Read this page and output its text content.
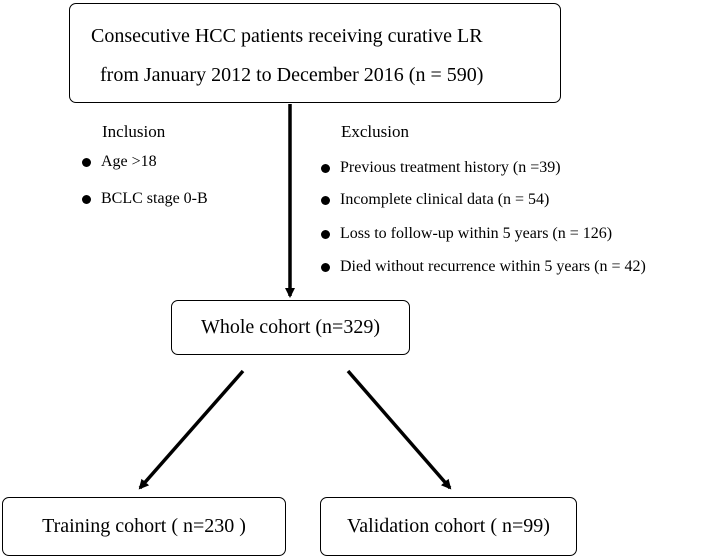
Consecutive HCC patients receiving curative LR
from January 2012 to December 2016 (n = 590)
Inclusion
Age >18
BCLC stage 0-B
Exclusion
Previous treatment history (n =39)
Incomplete clinical data (n = 54)
Loss to follow-up within 5 years (n = 126)
Died without recurrence within 5 years (n = 42)
Whole cohort (n=329)
Training cohort ( n=230 )	Validation cohort ( n=99)
